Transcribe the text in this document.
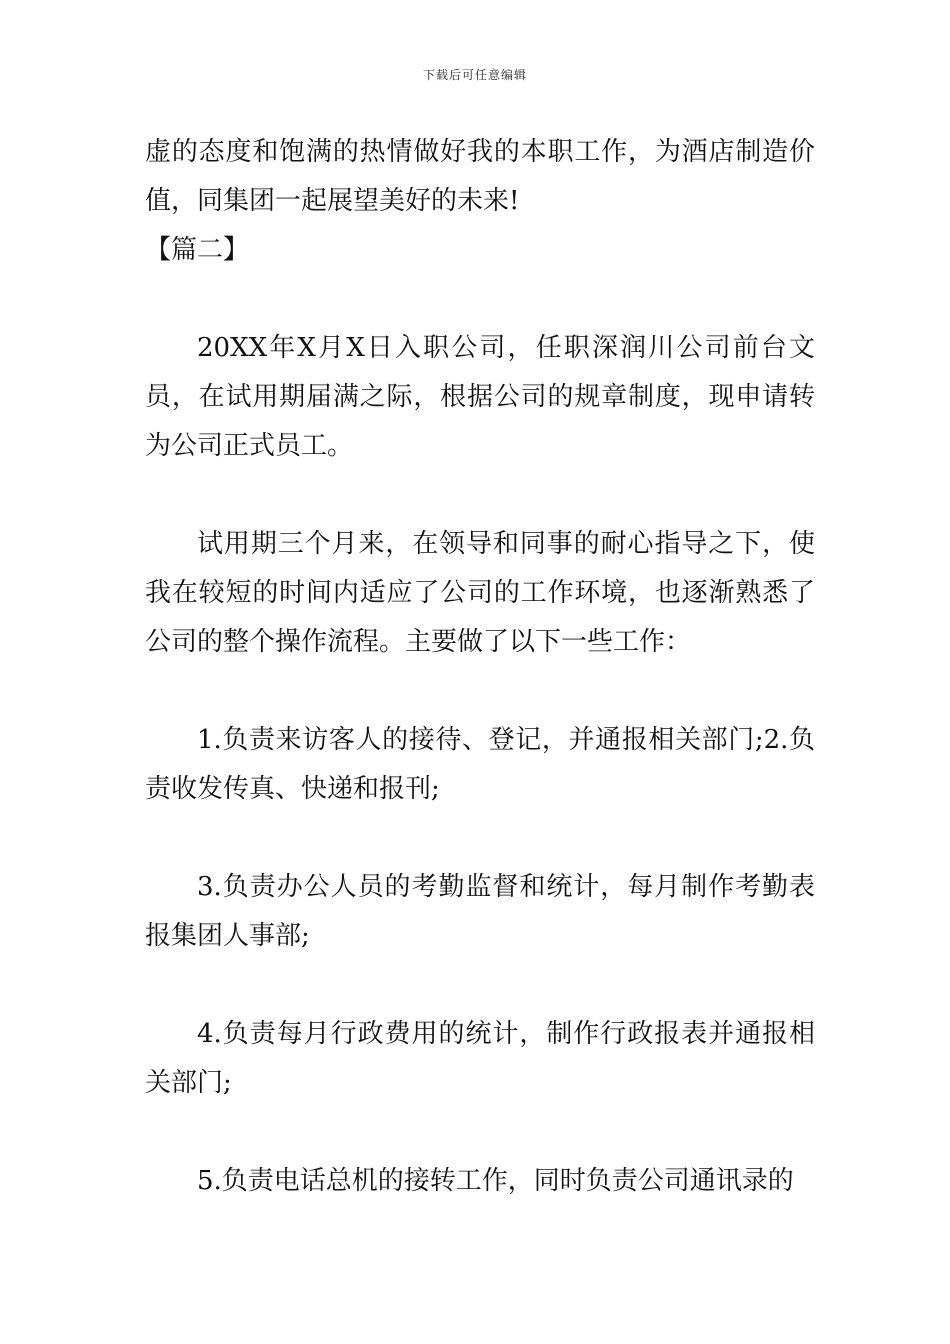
下载后可任意编辑

虚的态度和饱满的热情做好我的本职工作，为酒店制造价值，同集团一起展望美好的未来!

【篇二】

20XX年X月X日入职公司，任职深润川公司前台文员，在试用期届满之际，根据公司的规章制度，现申请转为公司正式员工。

试用期三个月来，在领导和同事的耐心指导之下，使我在较短的时间内适应了公司的工作环境，也逐渐熟悉了公司的整个操作流程。主要做了以下一些工作：

1.负责来访客人的接待、登记，并通报相关部门;2.负责收发传真、快递和报刊;

3.负责办公人员的考勤监督和统计，每月制作考勤表报集团人事部;

4.负责每月行政费用的统计，制作行政报表并通报相关部门;

5.负责电话总机的接转工作，同时负责公司通讯录的
